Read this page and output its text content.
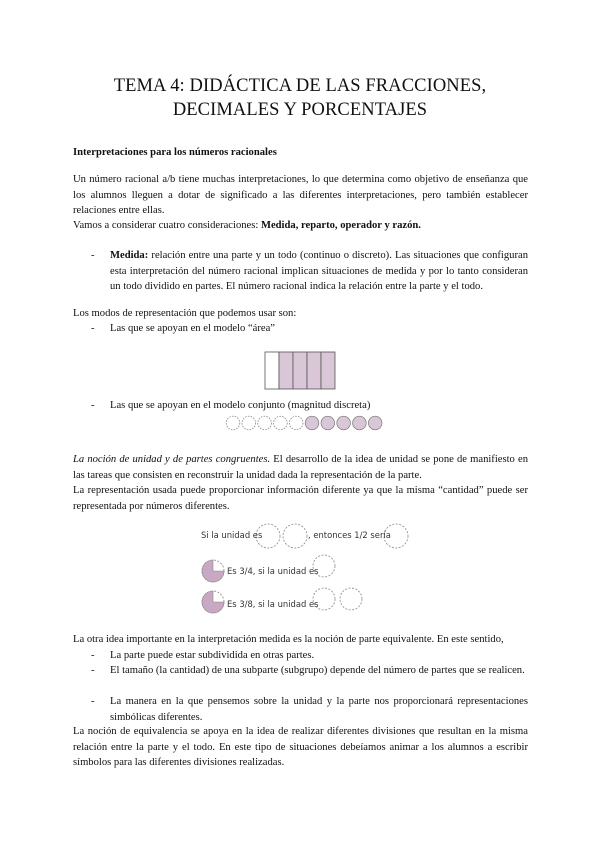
TEMA 4: DIDÁCTICA DE LAS FRACCIONES,
DECIMALES Y PORCENTAJES
Interpretaciones para los números racionales
Un número racional a/b tiene muchas interpretaciones, lo que determina como objetivo de enseñanza que los alumnos lleguen a dotar de significado a las diferentes interpretaciones, pero también establecer relaciones entre ellas.
Vamos a considerar cuatro consideraciones: Medida, reparto, operador y razón.
- Medida: relación entre una parte y un todo (continuo o discreto). Las situaciones que configuran esta interpretación del número racional implican situaciones de medida y por lo tanto consideran un todo dividido en partes. El número racional indica la relación entre la parte y el todo.
Los modos de representación que podemos usar son:
- Las que se apoyan en el modelo “área”
- Las que se apoyan en el modelo conjunto (magnitud discreta)
La noción de unidad y de partes congruentes. El desarrollo de la idea de unidad se pone de manifiesto en las tareas que consisten en reconstruir la unidad dada la representación de la parte.
La representación usada puede proporcionar información diferente ya que la misma “cantidad” puede ser representada por números diferentes.
Si la unidad es	, entonces 1/2 sería
Es 3/4, si la unidad es
Es 3/8, si la unidad es
La otra idea importante en la interpretación medida es la noción de parte equivalente. En este sentido,
- La parte puede estar subdividida en otras partes.
- El tamaño (la cantidad) de una subparte (subgrupo) depende del número de partes que se realicen.
- La manera en la que pensemos sobre la unidad y la parte nos proporcionará representaciones simbólicas diferentes.
La noción de equivalencia se apoya en la idea de realizar diferentes divisiones que resultan en la misma relación entre la parte y el todo. En este tipo de situaciones debeíamos animar a los alumnos a escribir símbolos para las diferentes divisiones realizadas.
